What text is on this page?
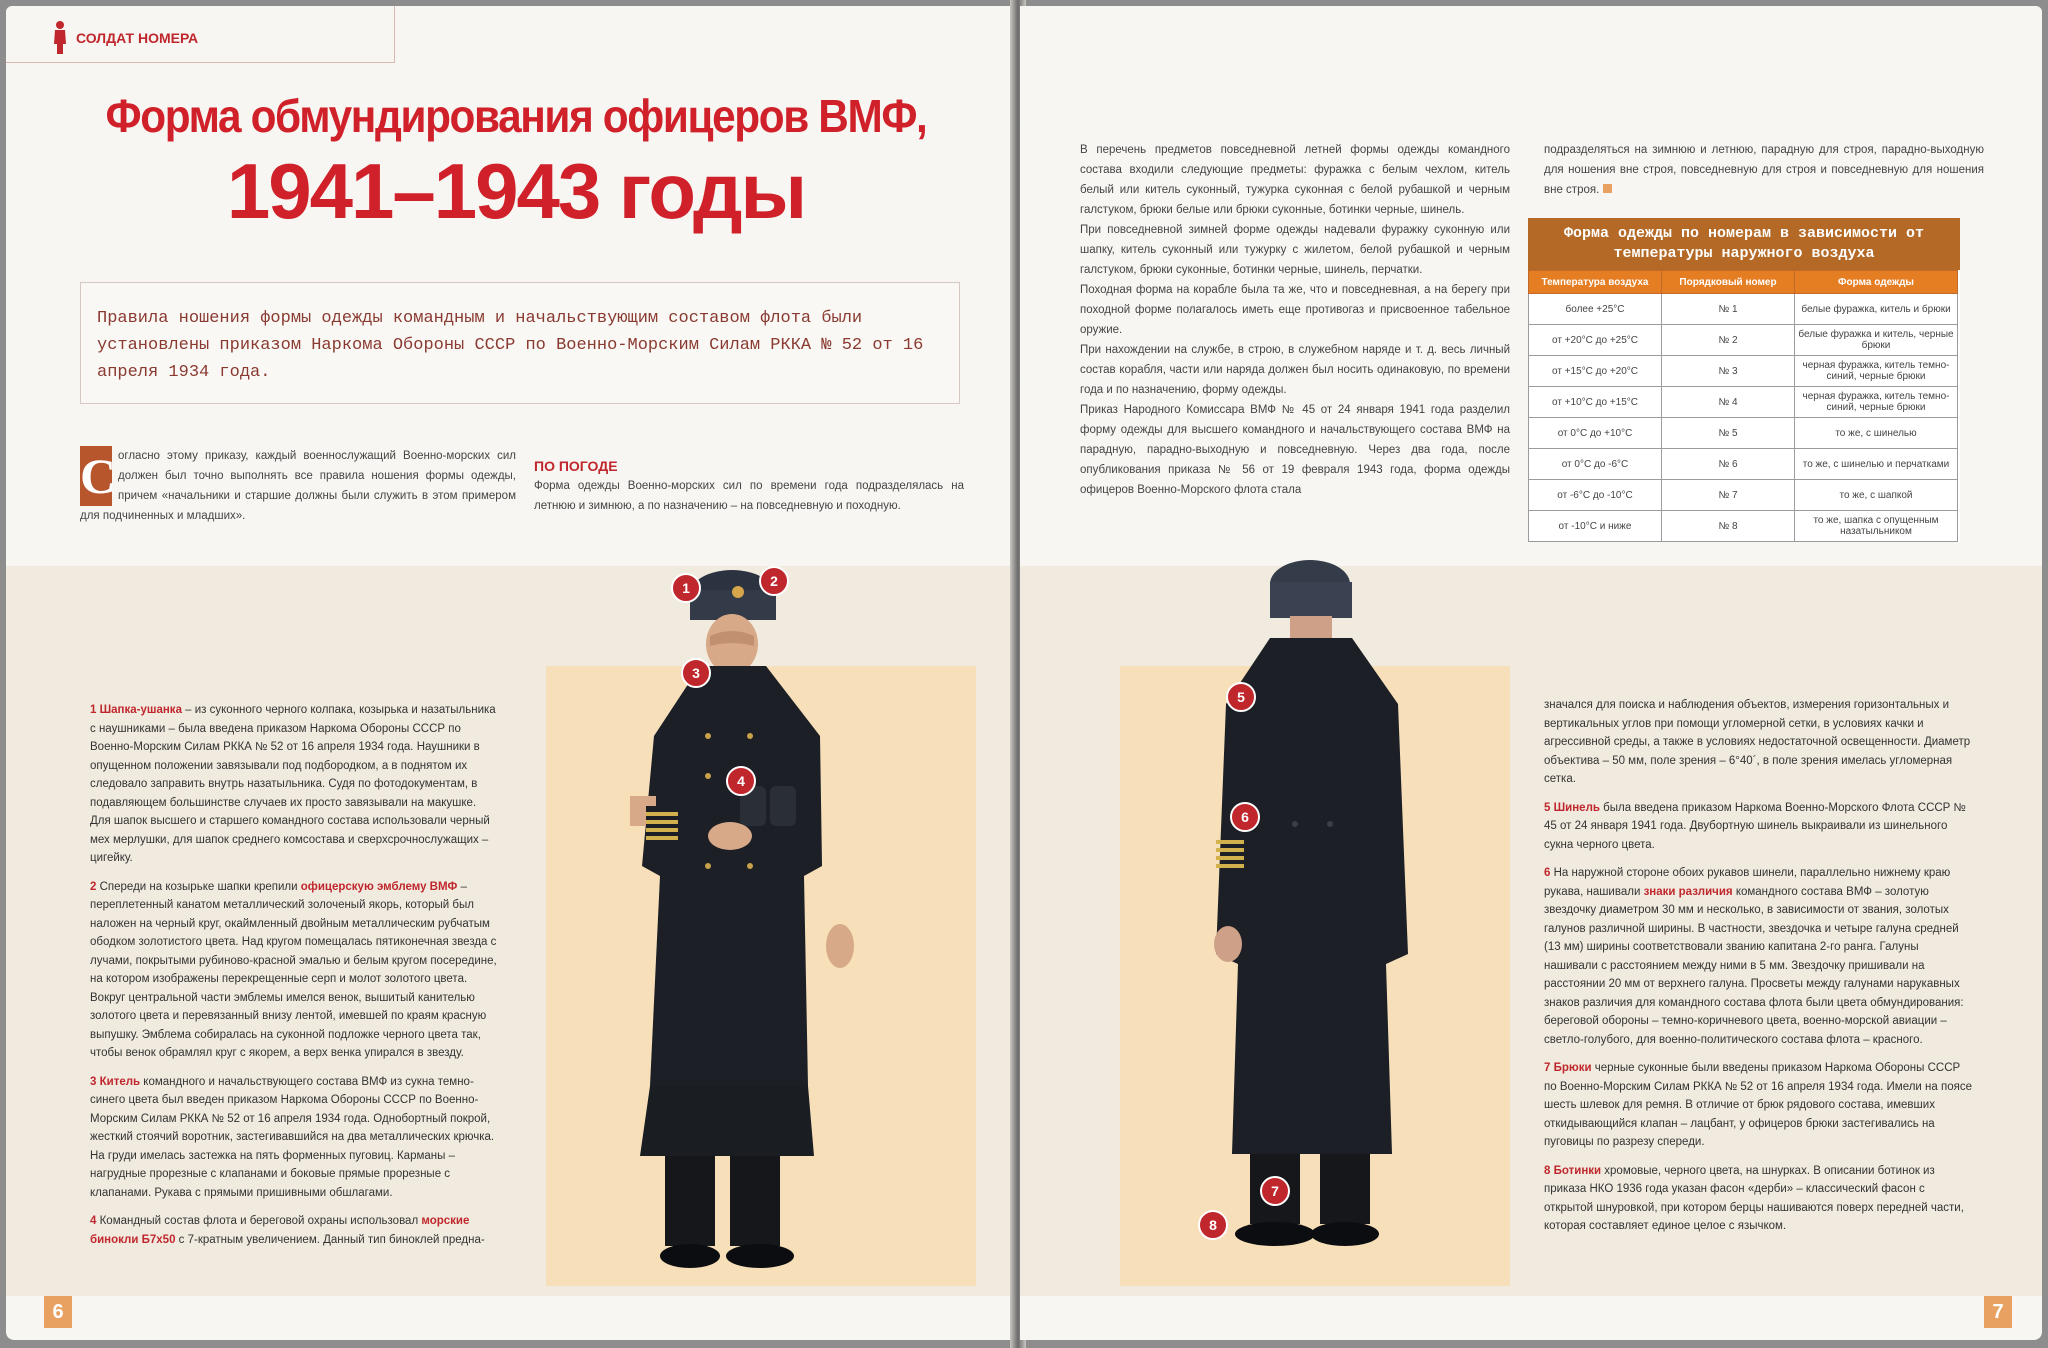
СОЛДАТ НОМЕРА
Форма обмундирования офицеров ВМФ,
1941–1943 годы

Правила ношения формы одежды командным и начальствующим составом флота были установлены приказом Наркома Обороны СССР по Военно-Морским Силам РККА № 52 от 16 апреля 1934 года.

С огласно этому приказу, каждый военнослужащий Военно-морских сил должен был точно выполнять все правила ношения формы одежды, причем «начальники и старшие должны были служить в этом примером для подчиненных и младших».
ПО ПОГОДЕ
Форма одежды Военно-морских сил по времени года подразделялась на летнюю и зимнюю, а по назначению – на повседневную и походную.

1 Шапка-ушанка – из суконного черного колпака, козырька и назатыльника с наушниками – была введена приказом Наркома Обороны СССР по Военно-Морским Силам РККА № 52 от 16 апреля 1934 года. Наушники в опущенном положении завязывали под подбородком, а в поднятом их следовало заправить внутрь назатыльника. Судя по фотодокументам, в подавляющем большинстве случаев их просто завязывали на макушке. Для шапок высшего и старшего командного состава использовали черный мех мерлушки, для шапок среднего комсостава и сверхсрочнослужащих – цигейку.

2 Спереди на козырьке шапки крепили офицерскую эмблему ВМФ – переплетенный канатом металлический золоченый якорь, который был наложен на черный круг, окаймленный двойным металлическим рубчатым ободком золотистого цвета. Над кругом помещалась пятиконечная звезда с лучами, покрытыми рубиново-красной эмалью и белым кругом посередине, на котором изображены перекрещенные серп и молот золотого цвета. Вокруг центральной части эмблемы имелся венок, вышитый канителью золотого цвета и перевязанный внизу лентой, имевшей по краям красную выпушку. Эмблема собиралась на суконной подложке черного цвета так, чтобы венок обрамлял круг с якорем, а верх венка упирался в звезду.

3 Китель командного и начальствующего состава ВМФ из сукна темно-синего цвета был введен приказом Наркома Обороны СССР по Военно-Морским Силам РККА № 52 от 16 апреля 1934 года. Однобортный покрой, жесткий стоячий воротник, застегивавшийся на два металлических крючка. На груди имелась застежка на пять форменных пуговиц. Карманы – нагрудные прорезные с клапанами и боковые прямые прорезные с клапанами. Рукава с прямыми пришивными обшлагами.

4 Командный состав флота и береговой охраны использовал морские бинокли Б7х50 с 7-кратным увеличением. Данный тип биноклей предна-

1	2
3
4
6

В перечень предметов повседневной летней формы одежды командного состава входили следующие предметы: фуражка с белым чехлом, китель белый или китель суконный, тужурка суконная с белой рубашкой и черным галстуком, брюки белые или брюки суконные, ботинки черные, шинель.

При повседневной зимней форме одежды надевали фуражку суконную или шапку, китель суконный или тужурку с жилетом, белой рубашкой и черным галстуком, брюки суконные, ботинки черные, шинель, перчатки.

Походная форма на корабле была та же, что и повседневная, а на берегу при походной форме полагалось иметь еще противогаз и присвоенное табельное оружие.

При нахождении на службе, в строю, в служебном наряде и т. д. весь личный состав корабля, части или наряда должен был носить одинаковую, по времени года и по назначению, форму одежды.

Приказ Народного Комиссара ВМФ № 45 от 24 января 1941 года разделил форму одежды для высшего командного и начальствующего состава ВМФ на парадную, парадно-выходную и повседневную. Через два года, после опубликования приказа № 56 от 19 февраля 1943 года, форма одежды офицеров Военно-Морского флота стала

подразделяться на зимнюю и летнюю, парадную для строя, парадно-выходную для ношения вне строя, повседневную для строя и повседневную для ношения вне строя.

Форма одежды по номерам в зависимости от температуры наружного воздуха
Температура воздуха	Порядковый номер	Форма одежды
более +25°C	№ 1	белые фуражка, китель и брюки
от +20°C до +25°C	№ 2	белые фуражка и китель, черные брюки
от +15°C до +20°C	№ 3	черная фуражка, китель темно-синий, черные брюки
от +10°C до +15°C	№ 4	черная фуражка, китель темно-синий, черные брюки
от 0°C до +10°C	№ 5	то же, с шинелью
от 0°C до -6°C	№ 6	то же, с шинелью и перчатками
от -6°C до -10°C	№ 7	то же, с шапкой
от -10°C и ниже	№ 8	то же, шапка с опущенным назатыльником
5
6
7
8

значался для поиска и наблюдения объектов, измерения горизонтальных и вертикальных углов при помощи угломерной сетки, в условиях качки и агрессивной среды, а также в условиях недостаточной освещенности. Диаметр объектива – 50 мм, поле зрения – 6°40´, в поле зрения имелась угломерная сетка.

5 Шинель была введена приказом Наркома Военно-Морского Флота СССР № 45 от 24 января 1941 года. Двубортную шинель выкраивали из шинельного сукна черного цвета.

6 На наружной стороне обоих рукавов шинели, параллельно нижнему краю рукава, нашивали знаки различия командного состава ВМФ – золотую звездочку диаметром 30 мм и несколько, в зависимости от звания, золотых галунов различной ширины. В частности, звездочка и четыре галуна средней (13 мм) ширины соответствовали званию капитана 2-го ранга. Галуны нашивали с расстоянием между ними в 5 мм. Звездочку пришивали на расстоянии 20 мм от верхнего галуна. Просветы между галунами нарукавных знаков различия для командного состава флота были цвета обмундирования: береговой обороны – темно-коричневого цвета, военно-морской авиации – светло-голубого, для военно-политического состава флота – красного.

7 Брюки черные суконные были введены приказом Наркома Обороны СССР по Военно-Морским Силам РККА № 52 от 16 апреля 1934 года. Имели на поясе шесть шлевок для ремня. В отличие от брюк рядового состава, имевших откидывающийся клапан – лацбант, у офицеров брюки застегивались на пуговицы по разрезу спереди.

8 Ботинки хромовые, черного цвета, на шнурках. В описании ботинок из приказа НКО 1936 года указан фасон «дерби» – классический фасон с открытой шнуровкой, при котором берцы нашиваются поверх передней части, которая составляет единое целое с язычком.

7
